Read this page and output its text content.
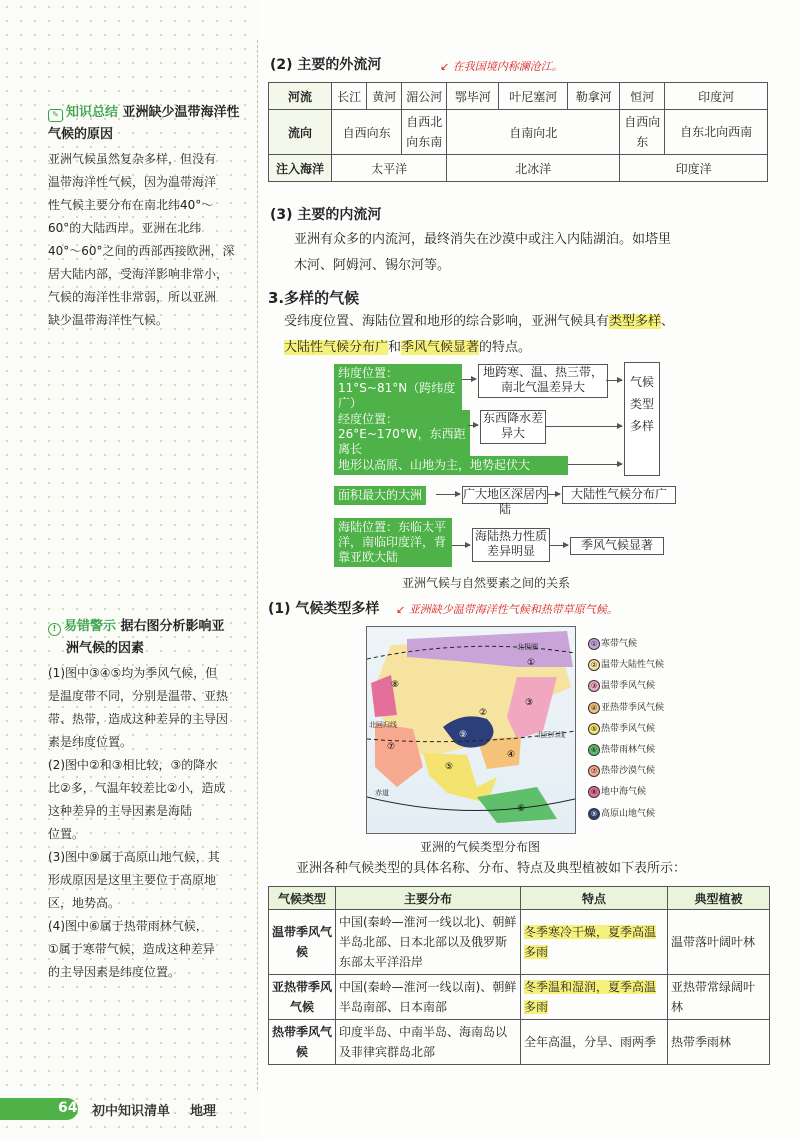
✎ 知识总结 亚洲缺少温带海洋性气候的原因

亚洲气候虽然复杂多样，但没有

温带海洋性气候，因为温带海洋

性气候主要分布在南北纬40°～

60°的大陆西岸。亚洲在北纬

40°～60°之间的西部西接欧洲，深

居大陆内部，受海洋影响非常小，

气候的海洋性非常弱，所以亚洲

缺少温带海洋性气候。

! 易错警示 据右图分析影响亚
洲气候的因素

(1)图中③④⑤均为季风气候，但

是温度带不同，分别是温带、亚热

带、热带，造成这种差异的主导因

素是纬度位置。

(2)图中②和③相比较，③的降水

比②多，气温年较差比②小，造成

这种差异的主导因素是海陆

位置。

(3)图中⑨属于高原山地气候，其

形成原因是这里主要位于高原地

区，地势高。

(4)图中⑥属于热带雨林气候，

①属于寒带气候，造成这种差异

的主导因素是纬度位置。

(2) 主要的外流河	↙ 在我国境内称澜沧江。
河流	长江	黄河	湄公河	鄂毕河	叶尼塞河	勒拿河	恒河	印度河
流向	自西向东		自西北向东南	自南向北			自西向东	自东北向西南
注入海洋	太平洋			北冰洋			印度洋	
(3) 主要的内流河
亚洲有众多的内流河，最终消失在沙漠中或注入内陆湖泊。如塔里
木河、阿姆河、锡尔河等。
3.多样的气候
受纬度位置、海陆位置和地形的综合影响，亚洲气候具有类型多样、
大陆性气候分布广和季风气候显著的特点。
纬度位置：11°S~81°N（跨纬度广）
地跨寒、温、热三带，南北气温差异大
经度位置：26°E~170°W，东西距离长
东西降水差异大
地形以高原、山地为主，地势起伏大
气候类型多样
面积最大的大洲	广大地区深居内陆
大陆性气候分布广
海陆位置：东临太平洋，南临印度洋，背靠亚欧大陆
海陆热力性质差异明显	季风气候显著
亚洲气候与自然要素之间的关系
(1) 气候类型多样 ↙ 亚洲缺少温带海洋性气候和热带草原气候。
北极圈
北回归线
北回归线
赤道
⑧
①
②
③
④
⑤
⑥
⑦
⑨
① 寒带气候
② 温带大陆性气候
③ 温带季风气候
④ 亚热带季风气候
⑤ 热带季风气候
⑥ 热带雨林气候
⑦ 热带沙漠气候
⑧ 地中海气候
⑨ 高原山地气候
亚洲的气候类型分布图
亚洲各种气候类型的具体名称、分布、特点及典型植被如下表所示：
气候类型	主要分布	特点	典型植被
温带季风气候	中国(秦岭—淮河一线以北)、朝鲜半岛北部、日本北部以及俄罗斯东部太平洋沿岸	冬季寒冷干燥，夏季高温多雨	温带落叶阔叶林
亚热带季风气候	中国(秦岭—淮河一线以南)、朝鲜半岛南部、日本南部	冬季温和湿润，夏季高温多雨	亚热带常绿阔叶林
热带季风气候	印度半岛、中南半岛、海南岛以及菲律宾群岛北部	全年高温，分旱、雨两季	热带季雨林
64 初中知识清单 地理
